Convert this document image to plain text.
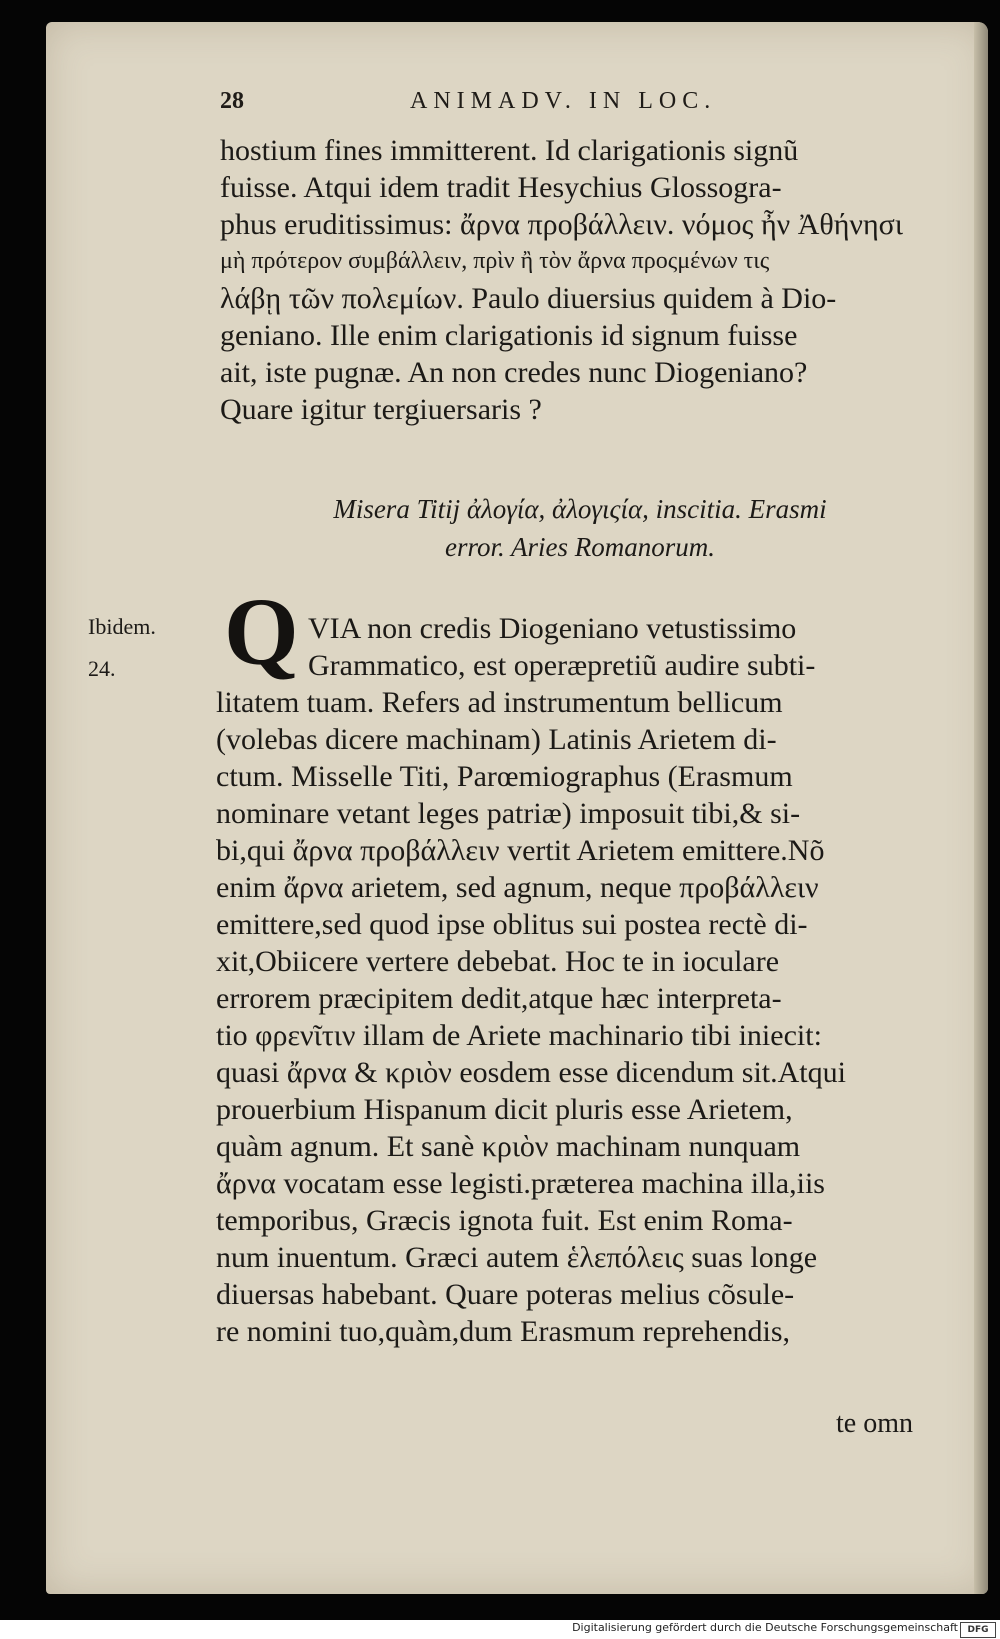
28	ANIMADV. IN LOC.
hostium fines immitterent. Id clarigationis signũ
fuisse. Atqui idem tradit Hesychius Glossogra-
phus eruditissimus: ἄρνα προβάλλειν. νόμος ἦν Ἀθήνησι
μὴ πρότερον συμβάλλειν, πρὶν ἢ τὸν ἄρνα προςμένων τις
λάβῃ τῶν πολεμίων. Paulo diuersius quidem à Dio-
geniano. Ille enim clarigationis id signum fuisse
ait, iste pugnæ. An non credes nunc Diogeniano?
Quare igitur tergiuersaris ?
Misera Titij ἀλογία, ἀλογιςία, inscitia. Erasmi
error. Aries Romanorum.
Ibidem.
24.	Q VIA non credis Diogeniano vetustissimo
Grammatico, est operæpretiũ audire subti-
litatem tuam. Refers ad instrumentum bellicum
(volebas dicere machinam) Latinis Arietem di-
ctum. Misselle Titi, Parœmiographus (Erasmum
nominare vetant leges patriæ) imposuit tibi,& si-
bi,qui ἄρνα προβάλλειν vertit Arietem emittere.Nõ
enim ἄρνα arietem, sed agnum, neque προβάλλειν
emittere,sed quod ipse oblitus sui postea rectè di-
xit,Obiicere vertere debebat. Hoc te in ioculare
errorem præcipitem dedit,atque hæc interpreta-
tio φρενῖτιν illam de Ariete machinario tibi iniecit:
quasi ἄρνα & κριὸν eosdem esse dicendum sit.Atqui
prouerbium Hispanum dicit pluris esse Arietem,
quàm agnum. Et sanè κριὸν machinam nunquam
ἄρνα vocatam esse legisti.præterea machina illa,iis
temporibus, Græcis ignota fuit. Est enim Roma-
num inuentum. Græci autem ἑλεπόλεις suas longe
diuersas habebant. Quare poteras melius cõsule-
re nomini tuo,quàm,dum Erasmum reprehendis,
te omn
Digitalisierung gefördert durch die Deutsche Forschungsgemeinschaft	DFG
